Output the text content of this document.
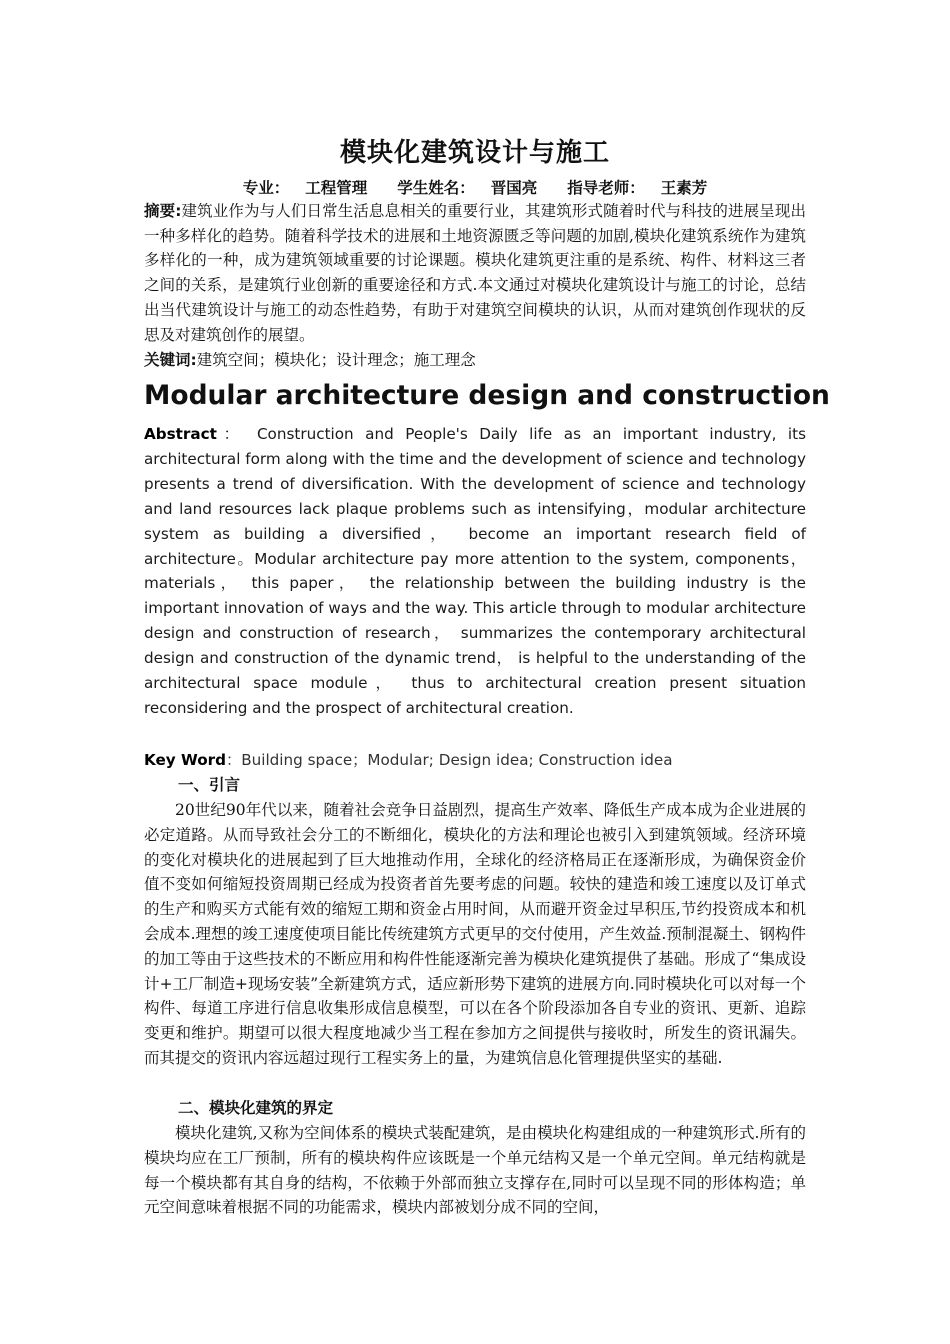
模块化建筑设计与施工
专业： 工程管理 学生姓名： 晋国亮 指导老师： 王素芳
摘要:建筑业作为与人们日常生活息息相关的重要行业，其建筑形式随着时代与科技的进展呈现出一种多样化的趋势。随着科学技术的进展和土地资源匮乏等问题的加剧,模块化建筑系统作为建筑多样化的一种，成为建筑领域重要的讨论课题。模块化建筑更注重的是系统、构件、材料这三者之间的关系，是建筑行业创新的重要途径和方式.本文通过对模块化建筑设计与施工的讨论，总结出当代建筑设计与施工的动态性趋势，有助于对建筑空间模块的认识，从而对建筑创作现状的反思及对建筑创作的展望。
关键词:建筑空间；模块化；设计理念；施工理念
Modular architecture design and construction
Abstract： Construction and People's Daily life as an important industry, its architectural form along with the time and the development of science and technology presents a trend of diversification. With the development of science and technology and land resources lack plaque problems such as intensifying，modular architecture system as building a diversified， become an important research field of architecture。Modular architecture pay more attention to the system, components， materials， this paper， the relationship between the building industry is the important innovation of ways and the way. This article through to modular architecture design and construction of research， summarizes the contemporary architectural design and construction of the dynamic trend， is helpful to the understanding of the architectural space module， thus to architectural creation present situation reconsidering and the prospect of architectural creation.
Key Word：Building space；Modular; Design idea; Construction idea
一、引言
20世纪90年代以来，随着社会竞争日益剧烈，提高生产效率、降低生产成本成为企业进展的必定道路。从而导致社会分工的不断细化，模块化的方法和理论也被引入到建筑领域。经济环境的变化对模块化的进展起到了巨大地推动作用，全球化的经济格局正在逐渐形成，为确保资金价值不变如何缩短投资周期已经成为投资者首先要考虑的问题。较快的建造和竣工速度以及订单式的生产和购买方式能有效的缩短工期和资金占用时间，从而避开资金过早积压,节约投资成本和机会成本.理想的竣工速度使项目能比传统建筑方式更早的交付使用，产生效益.预制混凝土、钢构件的加工等由于这些技术的不断应用和构件性能逐渐完善为模块化建筑提供了基础。形成了“集成设计+工厂制造+现场安装”全新建筑方式，适应新形势下建筑的进展方向.同时模块化可以对每一个构件、每道工序进行信息收集形成信息模型，可以在各个阶段添加各自专业的资讯、更新、追踪变更和维护。期望可以很大程度地减少当工程在参加方之间提供与接收时，所发生的资讯漏失。而其提交的资讯内容远超过现行工程实务上的量，为建筑信息化管理提供坚实的基础.
二、模块化建筑的界定
模块化建筑,又称为空间体系的模块式装配建筑，是由模块化构建组成的一种建筑形式.所有的模块均应在工厂预制，所有的模块构件应该既是一个单元结构又是一个单元空间。单元结构就是每一个模块都有其自身的结构，不依赖于外部而独立支撑存在,同时可以呈现不同的形体构造；单元空间意味着根据不同的功能需求，模块内部被划分成不同的空间，
